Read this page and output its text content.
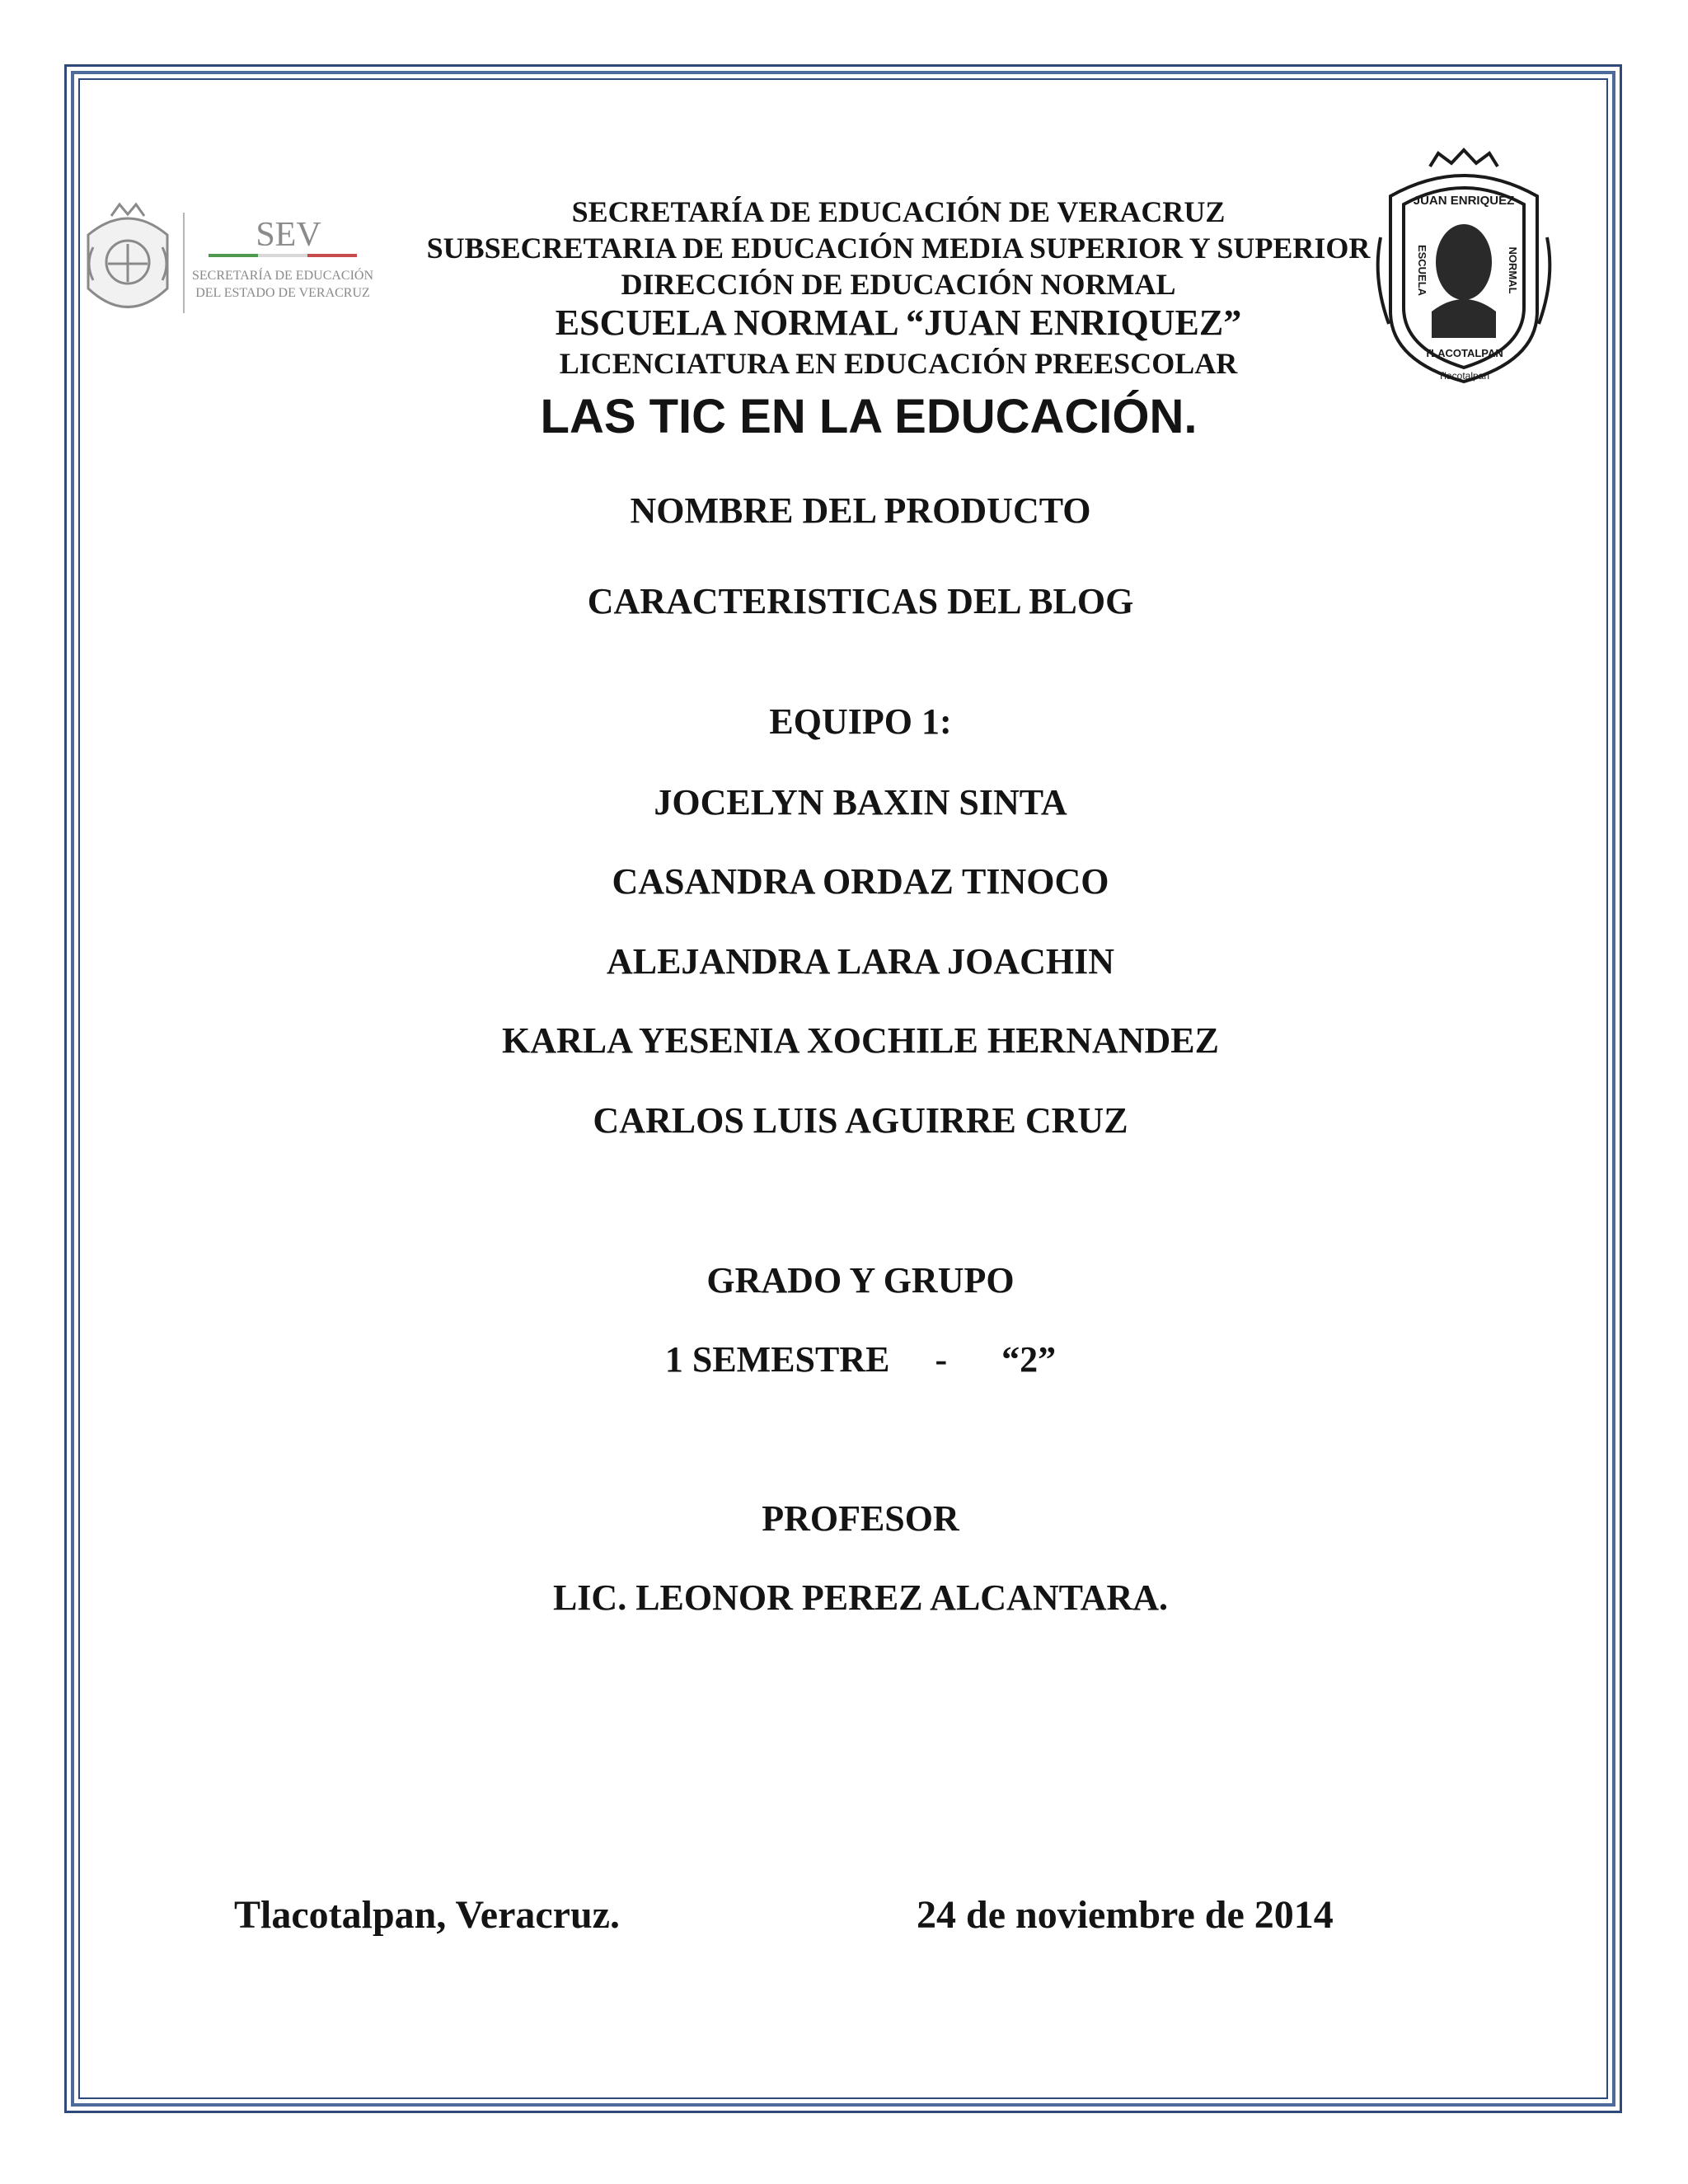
SEV
SECRETARÍA DE EDUCACIÓN
DEL ESTADO DE VERACRUZ
JUAN ENRIQUEZ
ESCUELA	NORMAL
TLACOTALPAN
Tlacotalpan
SECRETARÍA DE EDUCACIÓN DE VERACRUZ
SUBSECRETARIA DE EDUCACIÓN MEDIA SUPERIOR Y SUPERIOR
DIRECCIÓN DE EDUCACIÓN NORMAL
ESCUELA NORMAL “JUAN ENRIQUEZ”
LICENCIATURA EN EDUCACIÓN PREESCOLAR
LAS TIC EN LA EDUCACIÓN.
NOMBRE DEL PRODUCTO
CARACTERISTICAS DEL BLOG
EQUIPO 1:
JOCELYN BAXIN SINTA
CASANDRA ORDAZ TINOCO
ALEJANDRA LARA JOACHIN
KARLA YESENIA XOCHILE HERNANDEZ
CARLOS LUIS AGUIRRE CRUZ
GRADO Y GRUPO
1 SEMESTRE     -      “2”
PROFESOR
LIC. LEONOR PEREZ ALCANTARA.
Tlacotalpan, Veracruz.	24 de noviembre de 2014
